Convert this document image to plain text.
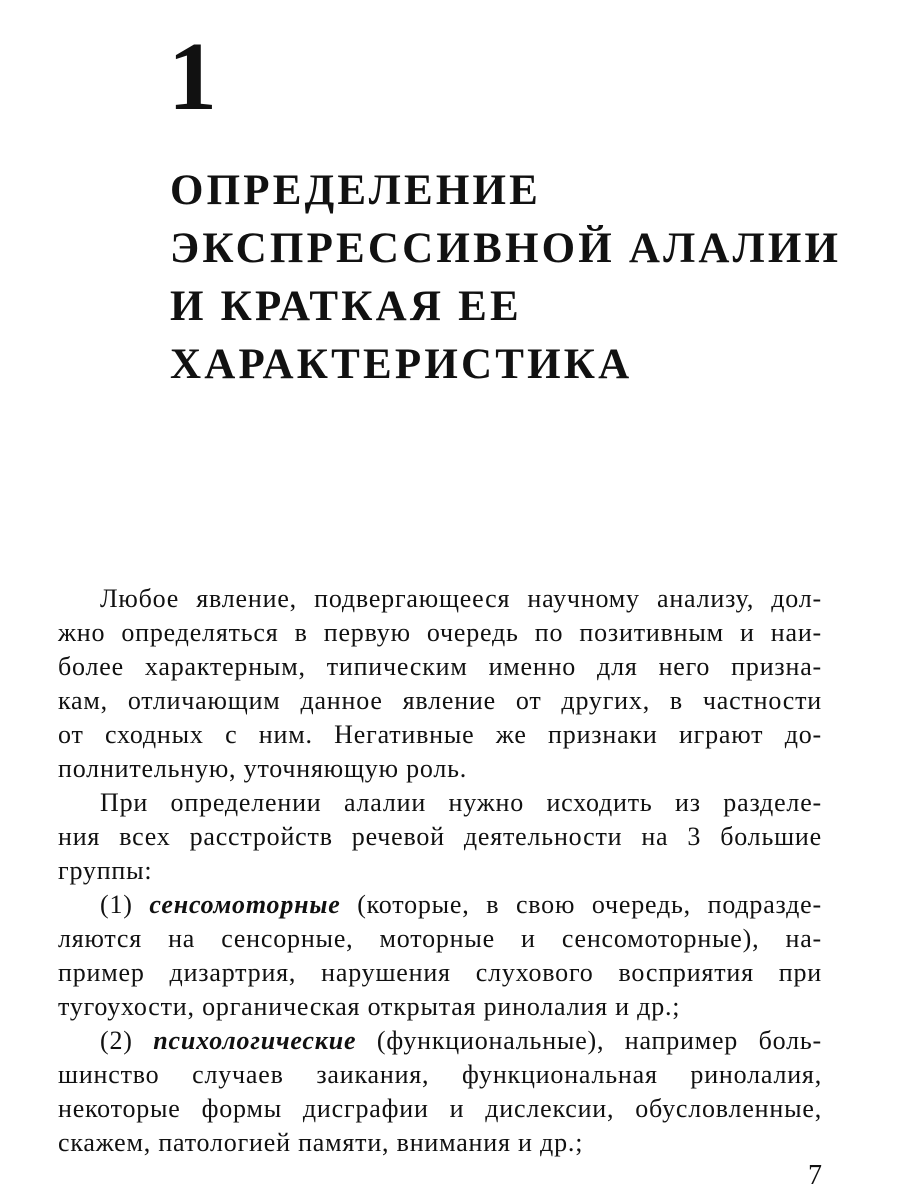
1
ОПРЕДЕЛЕНИЕ
ЭКСПРЕССИВНОЙ АЛАЛИИ
И КРАТКАЯ ЕЕ
ХАРАКТЕРИСТИКА
Любое явление, подвергающееся научному анализу, дол-
жно определяться в первую очередь по позитивным и наи-
более характерным, типическим именно для него призна-
кам, отличающим данное явление от других, в частности
от сходных с ним. Негативные же признаки играют до-
полнительную, уточняющую роль.
При определении алалии нужно исходить из разделе-
ния всех расстройств речевой деятельности на 3 большие
группы:
(1) сенсомоторные (которые, в свою очередь, подразде-
ляются на сенсорные, моторные и сенсомоторные), на-
пример дизартрия, нарушения слухового восприятия при
тугоухости, органическая открытая ринолалия и др.;
(2) психологические (функциональные), например боль-
шинство случаев заикания, функциональная ринолалия,
некоторые формы дисграфии и дислексии, обусловленные,
скажем, патологией памяти, внимания и др.;
7
